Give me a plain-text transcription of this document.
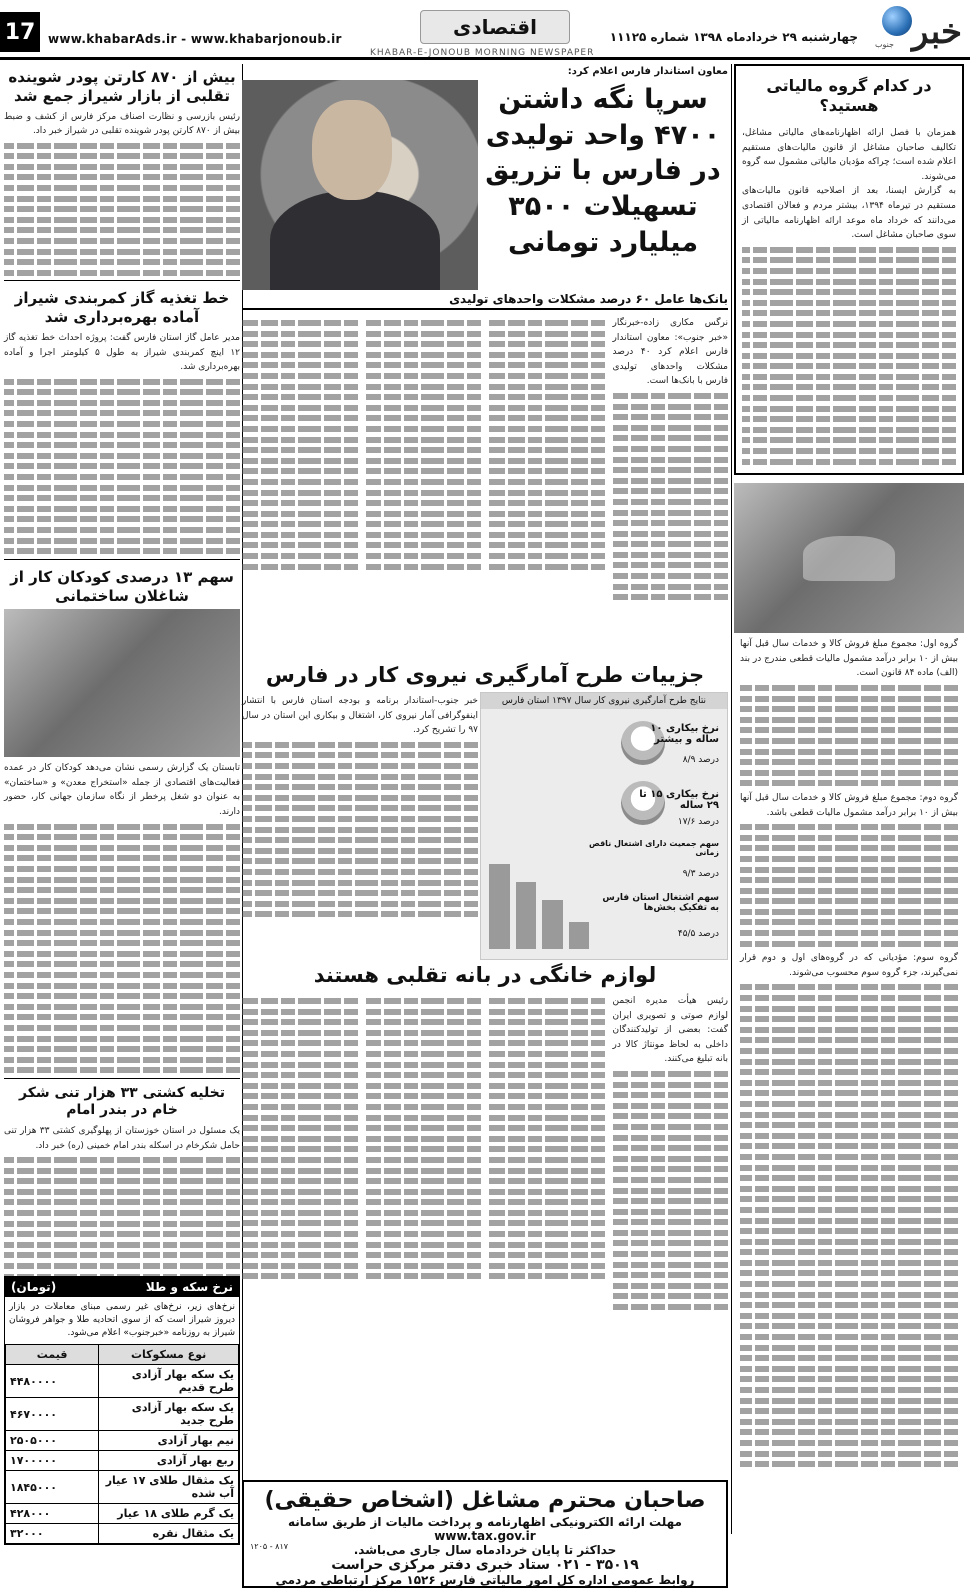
خبر
جنوب
چهارشنبه ۲۹ خردادماه ۱۳۹۸ شماره ۱۱۱۲۵
اقتصادی
www.khabarAds.ir - www.khabarjonoub.ir
17
KHABAR-E-JONOUB MORNING NEWSPAPER
در کدام گروه مالیاتی هستید؟

همزمان با فصل ارائه اظهارنامه‌های مالیاتی مشاغل، تکالیف صاحبان مشاغل از قانون مالیات‌های مستقیم اعلام شده است؛ چراکه مؤدیان مالیاتی مشمول سه گروه می‌شوند.

به گزارش ایسنا، بعد از اصلاحیه قانون مالیات‌های مستقیم در تیرماه ۱۳۹۴، بیشتر مردم و فعالان اقتصادی می‌دانند که خرداد ماه موعد ارائه اظهارنامه مالیاتی از سوی صاحبان مشاغل است.

گروه اول: مجموع مبلغ فروش کالا و خدمات سال قبل آنها بیش از ۱۰ برابر درآمد مشمول مالیات قطعی مندرج در بند (الف) ماده ۸۴ قانون است.

گروه دوم: مجموع مبلغ فروش کالا و خدمات سال قبل آنها بیش از ۱۰ برابر درآمد مشمول مالیات قطعی باشد.

گروه سوم: مؤدیانی که در گروه‌های اول و دوم قرار نمی‌گیرند، جزء گروه سوم محسوب می‌شوند.

معاون استاندار فارس اعلام کرد:
سرپا نگه داشتن ۴۷۰۰ واحد تولیدی در فارس با تزریق تسهیلات ۳۵۰۰ میلیارد تومانی
بانک‌ها عامل ۶۰ درصد مشکلات واحدهای تولیدی

نرگس مکاری زاده-خبرنگار «خبر جنوب»: معاون استاندار فارس اعلام کرد ۴۰ درصد مشکلات واحدهای تولیدی فارس با بانک‌ها است.

جزییات طرح آمارگیری نیروی کار در فارس
نتایج طرح آمارگیری نیروی کار سال ۱۳۹۷ استان فارس
نرخ بیکاری ۱۰ ساله و بیشتر
۸/۹ درصد
نرخ بیکاری ۱۵ تا ۲۹ ساله
۱۷/۶ درصد
سهم جمعیت دارای اشتغال ناقص زمانی
۹/۳ درصد
سهم اشتغال استان فارس به تفکیک بخش‌ها
۴۵/۵ درصد

خبر جنوب-استاندار برنامه و بودجه استان فارس با انتشار اینفوگرافی آمار نیروی کار، اشتغال و بیکاری این استان در سال ۹۷ را تشریح کرد.

لوازم خانگی در بانه تقلبی هستند

رئیس هیأت مدیره انجمن لوازم صوتی و تصویری ایران گفت: بعضی از تولیدکنندگان داخلی به لحاظ مونتاژ کالا در بانه تبلیغ می‌کنند.

صاحبان محترم مشاغل (اشخاص حقیقی)
مهلت ارائه الکترونیکی اظهارنامه و پرداخت مالیات از طریق سامانه www.tax.gov.ir
حداکثر تا پایان خردادماه سال جاری می‌باشد.
۳۵۰۱۹ - ۰۲۱ ستاد خبری دفتر مرکزی حراست
روابط عمومی اداره کل امور مالیاتی فارس ۱۵۲۶ مرکز ارتباطی مردمی
۱۲۰۵ - ۸۱۷
بیش از ۸۷۰ کارتن پودر شوینده تقلبی از بازار شیراز جمع شد

رئیس بازرسی و نظارت اصناف مرکز فارس از کشف و ضبط بیش از ۸۷۰ کارتن پودر شوینده تقلبی در شیراز خبر داد.

خط تغذیه گاز کمربندی شیراز آماده بهره‌برداری شد

مدیر عامل گاز استان فارس گفت: پروژه احداث خط تغذیه گاز ۱۲ اینچ کمربندی شیراز به طول ۵ کیلومتر اجرا و آماده بهره‌برداری شد.

سهم ۱۳ درصدی کودکان کار از شاغلان ساختمانی

تابستان یک گزارش رسمی نشان می‌دهد کودکان کار در عمده فعالیت‌های اقتصادی از جمله «استخراج معدن» و «ساختمان» به عنوان دو شغل پرخطر از نگاه سازمان جهانی کار، حضور دارند.

تخلیه کشتی ۳۳ هزار تنی شکر خام در بندر امام

یک مسئول در استان خوزستان از پهلوگیری کشتی ۳۳ هزار تنی حامل شکرخام در اسکله بندر امام خمینی (ره) خبر داد.

نرخ سکه و طلا
(تومان)
نرخ‌های زیر، نرخ‌های غیر رسمی مبنای معاملات در بازار دیروز شیراز است که از سوی اتحادیه طلا و جواهر فروشان شیراز به روزنامه «خبرجنوب» اعلام می‌شود.
نوع مسکوکات	قیمت
یک سکه بهار آزادی طرح قدیم	۴۴۸۰۰۰۰
یک سکه بهار آزادی طرح جدید	۴۶۷۰۰۰۰
نیم بهار آزادی	۲۵۰۵۰۰۰
ربع بهار آزادی	۱۷۰۰۰۰۰
یک مثقال طلای ۱۷ عیار آب شده	۱۸۴۵۰۰۰
یک گرم طلای ۱۸ عیار	۴۲۸۰۰۰
یک مثقال نقره	۳۲۰۰۰
